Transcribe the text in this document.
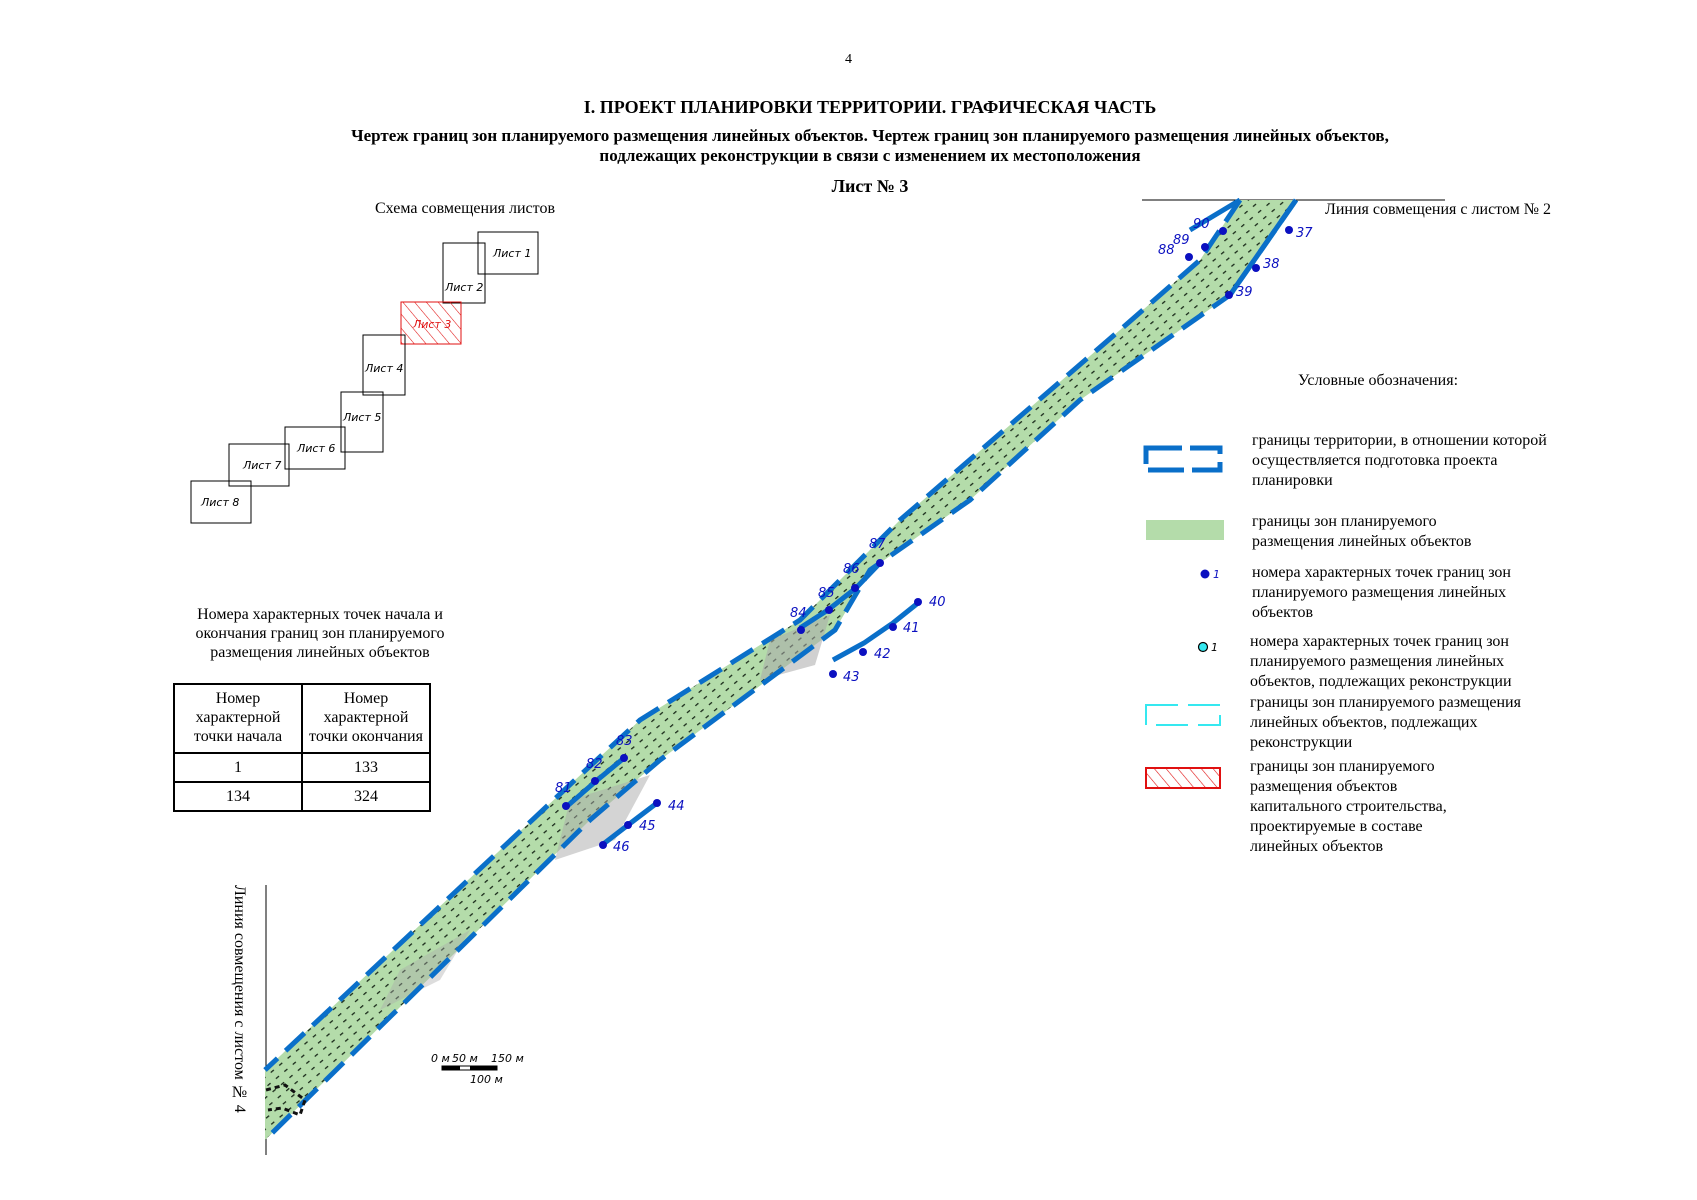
4
I. ПРОЕКТ ПЛАНИРОВКИ ТЕРРИТОРИИ. ГРАФИЧЕСКАЯ ЧАСТЬ
Чертеж границ зон планируемого размещения линейных объектов. Чертеж границ зон планируемого размещения линейных объектов, подлежащих реконструкции в связи с изменением их местоположения
Лист № 3
Схема совмещения листов	Линия совмещения с листом № 2
Линия совмещения с листом № 4
90
89
88
37
38
39
87
86
85
84
40
41
42
43
83
82
81
44
45
46
0 м 50 м 150 м
100 м
Лист 1
Лист 2
Лист 3
Лист 4
Лист 5
Лист 6
Лист 7
Лист 8
Номера характерных точек начала и окончания границ зон планируемого размещения линейных объектов
Номер характерной точки начала	Номер характерной точки окончания
1	133
134	324
Условные обозначения:
1
1
границы территории, в отношении которой осуществляется подготовка проекта планировки
границы зон планируемого размещения линейных объектов
номера характерных точек границ зон планируемого размещения линейных объектов
номера характерных точек границ зон планируемого размещения линейных объектов, подлежащих реконструкции
границы зон планируемого размещения линейных объектов, подлежащих реконструкции
границы зон планируемого размещения объектов капитального строительства, проектируемые в составе линейных объектов
